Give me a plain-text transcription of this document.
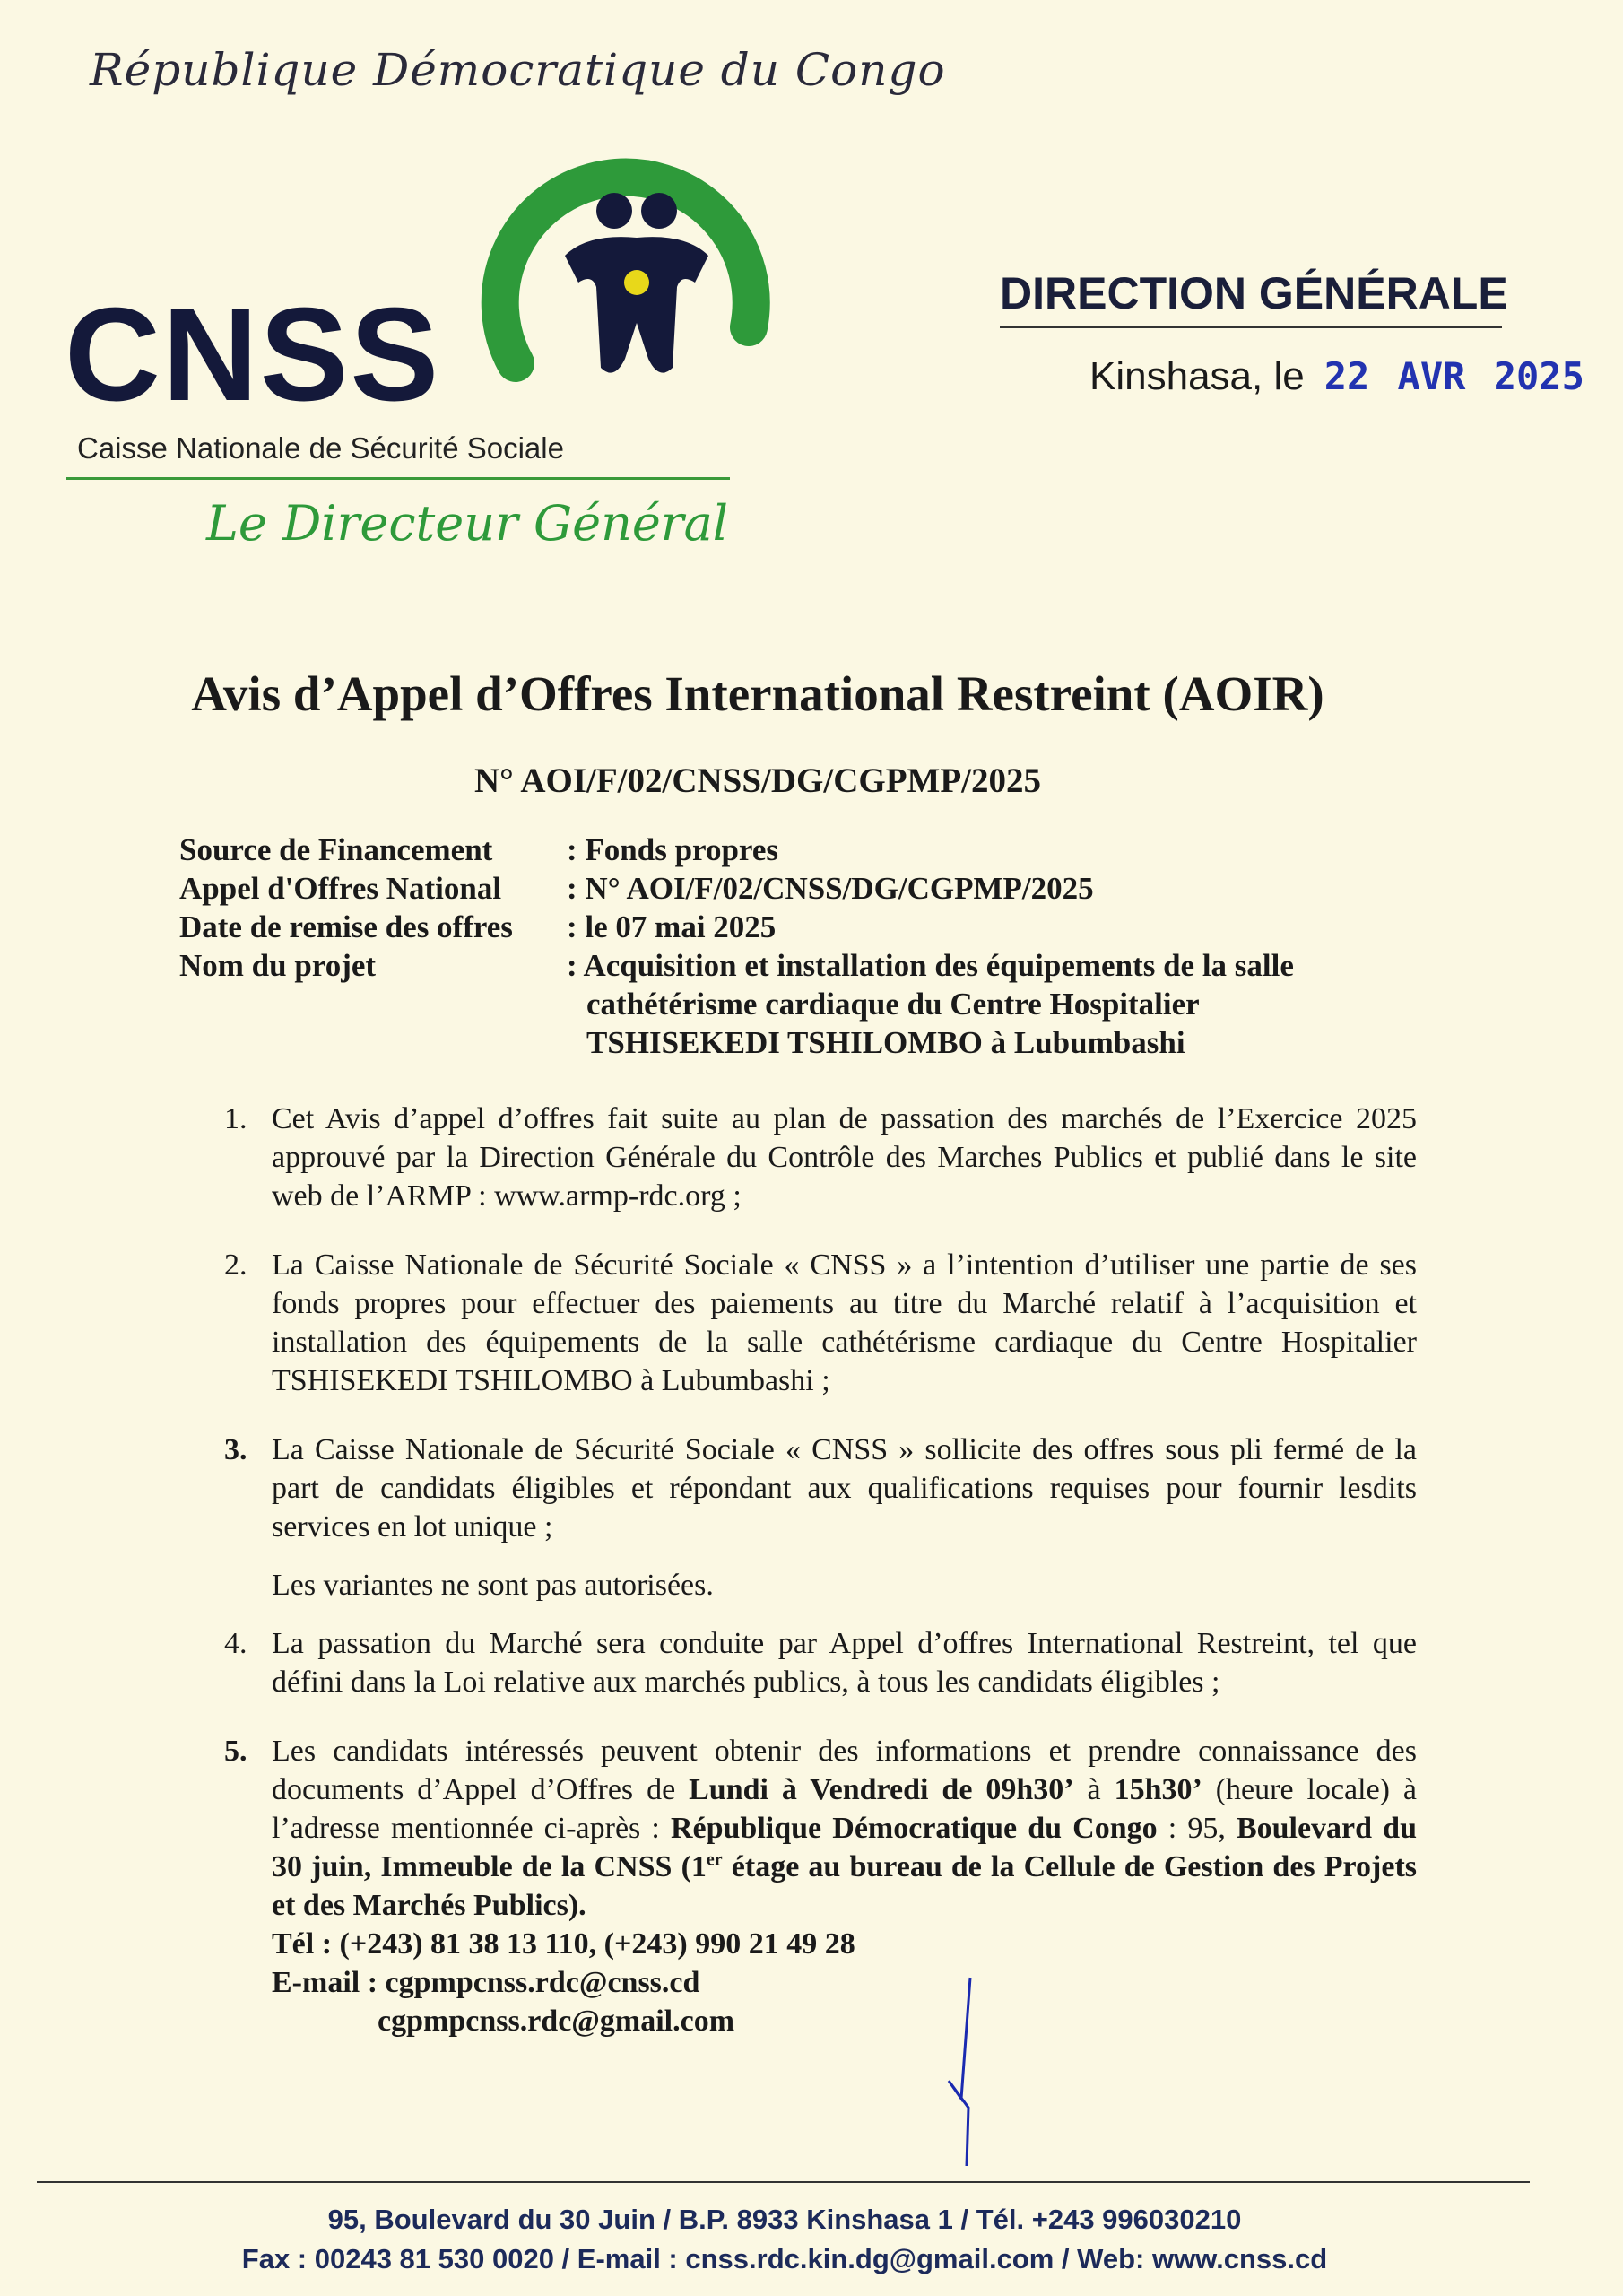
République Démocratique du Congo
CNSS
Caisse Nationale de Sécurité Sociale
Le Directeur Général
DIRECTION GÉNÉRALE
Kinshasa, le 22 AVR 2025
Avis d’Appel d’Offres International Restreint (AOIR)
N° AOI/F/02/CNSS/DG/CGPMP/2025
Source de Financement	: Fonds propres
Appel d'Offres National	: N° AOI/F/02/CNSS/DG/CGPMP/2025
Date de remise des offres	: le 07 mai 2025
Nom du projet	: Acquisition et installation des équipements de la salle cathétérisme cardiaque du Centre Hospitalier TSHISEKEDI TSHILOMBO à Lubumbashi
1. Cet Avis d’appel d’offres fait suite au plan de passation des marchés de l’Exercice 2025 approuvé par la Direction Générale du Contrôle des Marches Publics et publié dans le site web de l’ARMP : www.armp-rdc.org ;
2. La Caisse Nationale de Sécurité Sociale « CNSS » a l’intention d’utiliser une partie de ses fonds propres pour effectuer des paiements au titre du Marché relatif à l’acquisition et installation des équipements de la salle cathétérisme cardiaque du Centre Hospitalier TSHISEKEDI TSHILOMBO à Lubumbashi ;
3. La Caisse Nationale de Sécurité Sociale « CNSS » sollicite des offres sous pli fermé de la part de candidats éligibles et répondant aux qualifications requises pour fournir lesdits services en lot unique ;
Les variantes ne sont pas autorisées.
4. La passation du Marché sera conduite par Appel d’offres International Restreint, tel que défini dans la Loi relative aux marchés publics, à tous les candidats éligibles ;
5. Les candidats intéressés peuvent obtenir des informations et prendre connaissance des documents d’Appel d’Offres de Lundi à Vendredi de 09h30’ à 15h30’ (heure locale) à l’adresse mentionnée ci-après : République Démocratique du Congo : 95, Boulevard du 30 juin, Immeuble de la CNSS (1er étage au bureau de la Cellule de Gestion des Projets et des Marchés Publics).
Tél : (+243) 81 38 13 110, (+243) 990 21 49 28
E-mail : cgpmpcnss.rdc@cnss.cd
cgpmpcnss.rdc@gmail.com
95, Boulevard du 30 Juin / B.P. 8933 Kinshasa 1 / Tél. +243 996030210
Fax : 00243 81 530 0020 / E-mail : cnss.rdc.kin.dg@gmail.com / Web: www.cnss.cd
